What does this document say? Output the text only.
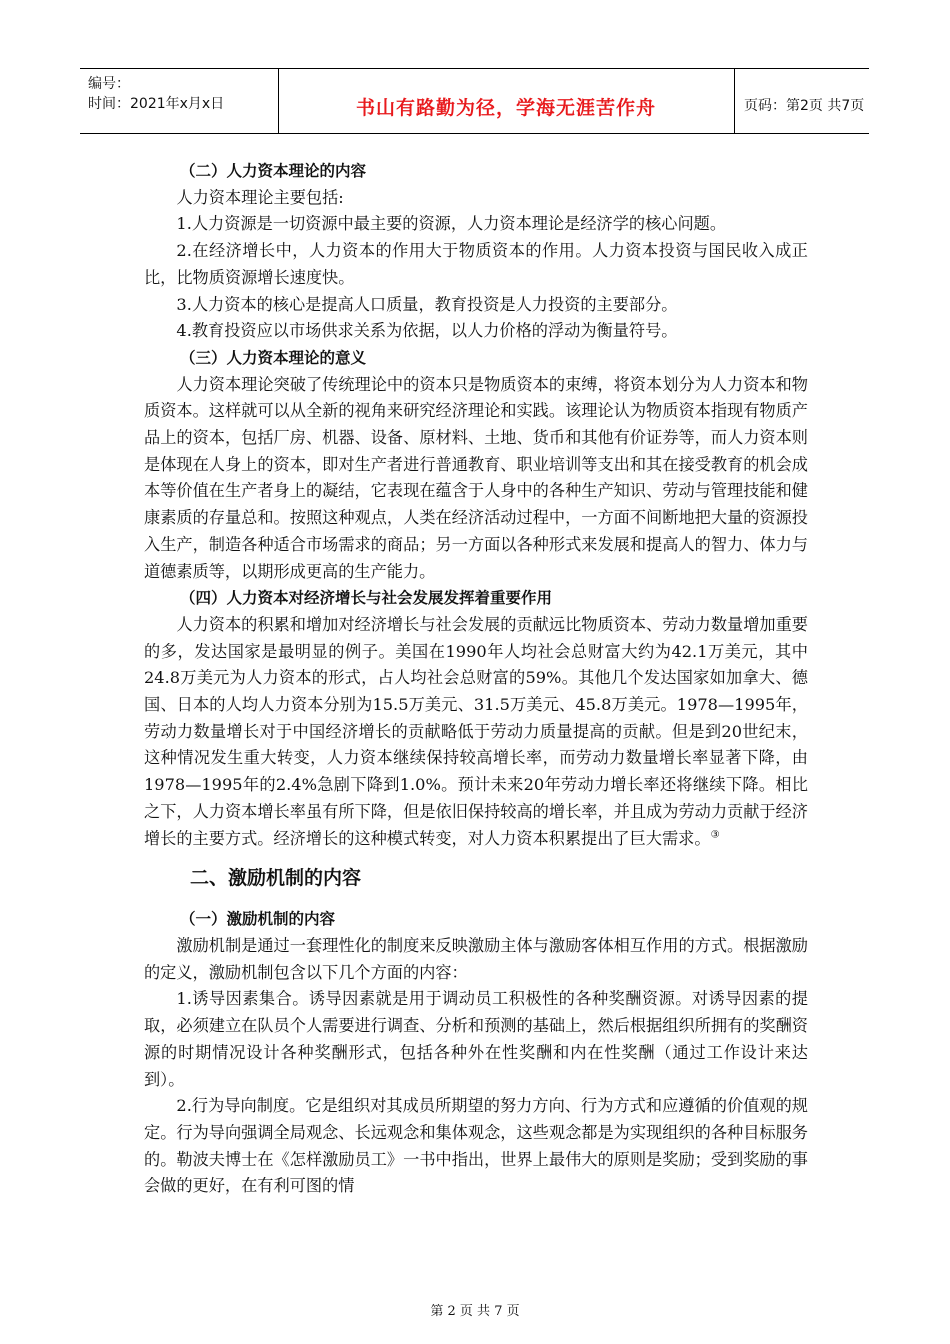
编号：
时间：2021年x月x日	书山有路勤为径，学海无涯苦作舟	页码：第2页 共7页

（二）人力资本理论的内容

人力资本理论主要包括:

1.人力资源是一切资源中最主要的资源，人力资本理论是经济学的核心问题。

2.在经济增长中，人力资本的作用大于物质资本的作用。人力资本投资与国民收入成正比，比物质资源增长速度快。

3.人力资本的核心是提高人口质量，教育投资是人力投资的主要部分。

4.教育投资应以市场供求关系为依据，以人力价格的浮动为衡量符号。

（三）人力资本理论的意义

人力资本理论突破了传统理论中的资本只是物质资本的束缚，将资本划分为人力资本和物质资本。这样就可以从全新的视角来研究经济理论和实践。该理论认为物质资本指现有物质产品上的资本，包括厂房、机器、设备、原材料、土地、货币和其他有价证券等，而人力资本则是体现在人身上的资本，即对生产者进行普通教育、职业培训等支出和其在接受教育的机会成本等价值在生产者身上的凝结，它表现在蕴含于人身中的各种生产知识、劳动与管理技能和健康素质的存量总和。按照这种观点，人类在经济活动过程中，一方面不间断地把大量的资源投入生产，制造各种适合市场需求的商品；另一方面以各种形式来发展和提高人的智力、体力与道德素质等，以期形成更高的生产能力。

（四）人力资本对经济增长与社会发展发挥着重要作用

人力资本的积累和增加对经济增长与社会发展的贡献远比物质资本、劳动力数量增加重要的多，发达国家是最明显的例子。美国在1990年人均社会总财富大约为42.1万美元，其中24.8万美元为人力资本的形式，占人均社会总财富的59%。其他几个发达国家如加拿大、德国、日本的人均人力资本分别为15.5万美元、31.5万美元、45.8万美元。1978—1995年，劳动力数量增长对于中国经济增长的贡献略低于劳动力质量提高的贡献。但是到20世纪末，这种情况发生重大转变，人力资本继续保持较高增长率，而劳动力数量增长率显著下降，由1978—1995年的2.4%急剧下降到1.0%。预计未来20年劳动力增长率还将继续下降。相比之下，人力资本增长率虽有所下降，但是依旧保持较高的增长率，并且成为劳动力贡献于经济增长的主要方式。经济增长的这种模式转变，对人力资本积累提出了巨大需求。③

二、激励机制的内容

（一）激励机制的内容

激励机制是通过一套理性化的制度来反映激励主体与激励客体相互作用的方式。根据激励的定义，激励机制包含以下几个方面的内容：

1.诱导因素集合。诱导因素就是用于调动员工积极性的各种奖酬资源。对诱导因素的提取，必须建立在队员个人需要进行调查、分析和预测的基础上，然后根据组织所拥有的奖酬资源的时期情况设计各种奖酬形式，包括各种外在性奖酬和内在性奖酬（通过工作设计来达到）。

2.行为导向制度。它是组织对其成员所期望的努力方向、行为方式和应遵循的价值观的规定。行为导向强调全局观念、长远观念和集体观念，这些观念都是为实现组织的各种目标服务的。勒波夫博士在《怎样激励员工》一书中指出，世界上最伟大的原则是奖励；受到奖励的事会做的更好，在有利可图的情

第 2 页 共 7 页
